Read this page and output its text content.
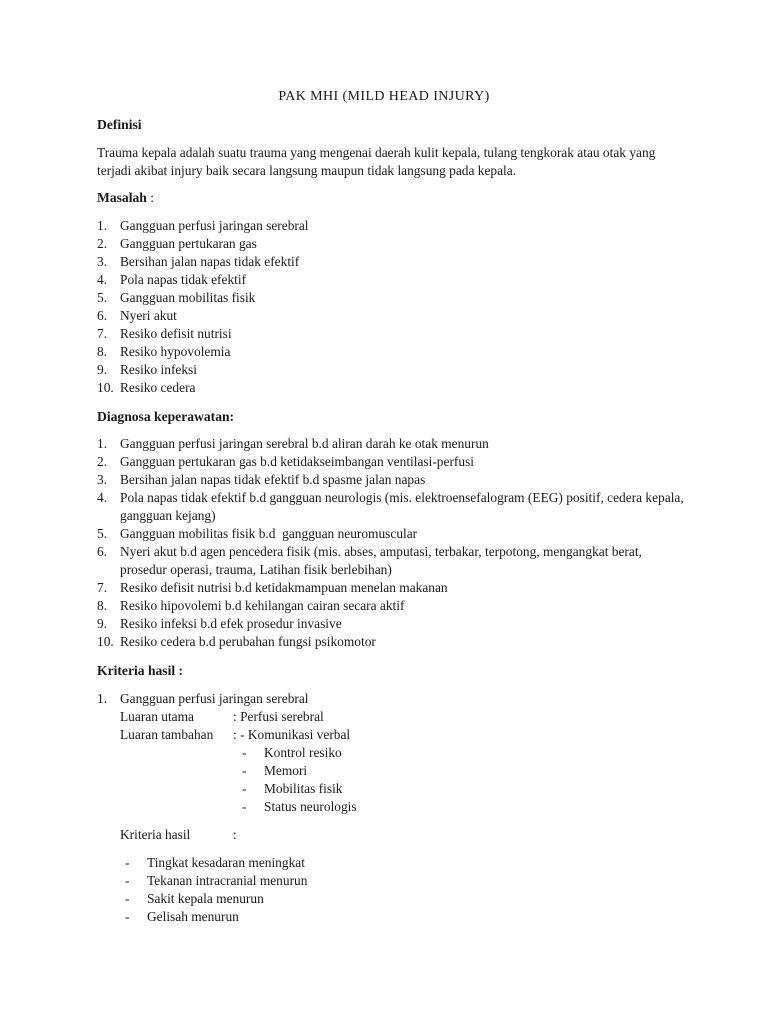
PAK MHI (MILD HEAD INJURY)
Definisi
Trauma kepala adalah suatu trauma yang mengenai daerah kulit kepala, tulang tengkorak atau otak yang
terjadi akibat injury baik secara langsung maupun tidak langsung pada kepala.
Masalah :
1. Gangguan perfusi jaringan serebral
2. Gangguan pertukaran gas
3. Bersihan jalan napas tidak efektif
4. Pola napas tidak efektif
5. Gangguan mobilitas fisik
6. Nyeri akut
7. Resiko defisit nutrisi
8. Resiko hypovolemia
9. Resiko infeksi
10. Resiko cedera
Diagnosa keperawatan:
1. Gangguan perfusi jaringan serebral b.d aliran darah ke otak menurun
2. Gangguan pertukaran gas b.d ketidakseimbangan ventilasi-perfusi
3. Bersihan jalan napas tidak efektif b.d spasme jalan napas
4. Pola napas tidak efektif b.d gangguan neurologis (mis. elektroensefalogram (EEG) positif, cedera kepala,
gangguan kejang)
5. Gangguan mobilitas fisik b.d  gangguan neuromuscular
6. Nyeri akut b.d agen pencedera fisik (mis. abses, amputasi, terbakar, terpotong, mengangkat berat,
prosedur operasi, trauma, Latihan fisik berlebihan)
7. Resiko defisit nutrisi b.d ketidakmampuan menelan makanan
8. Resiko hipovolemi b.d kehilangan cairan secara aktif
9. Resiko infeksi b.d efek prosedur invasive
10. Resiko cedera b.d perubahan fungsi psikomotor
Kriteria hasil :
1. Gangguan perfusi jaringan serebral
Luaran utama	: Perfusi serebral
Luaran tambahan : - Komunikasi verbal
- Kontrol resiko
- Memori
- Mobilitas fisik
- Status neurologis
Kriteria hasil	:
- Tingkat kesadaran meningkat
- Tekanan intracranial menurun
- Sakit kepala menurun
- Gelisah menurun
